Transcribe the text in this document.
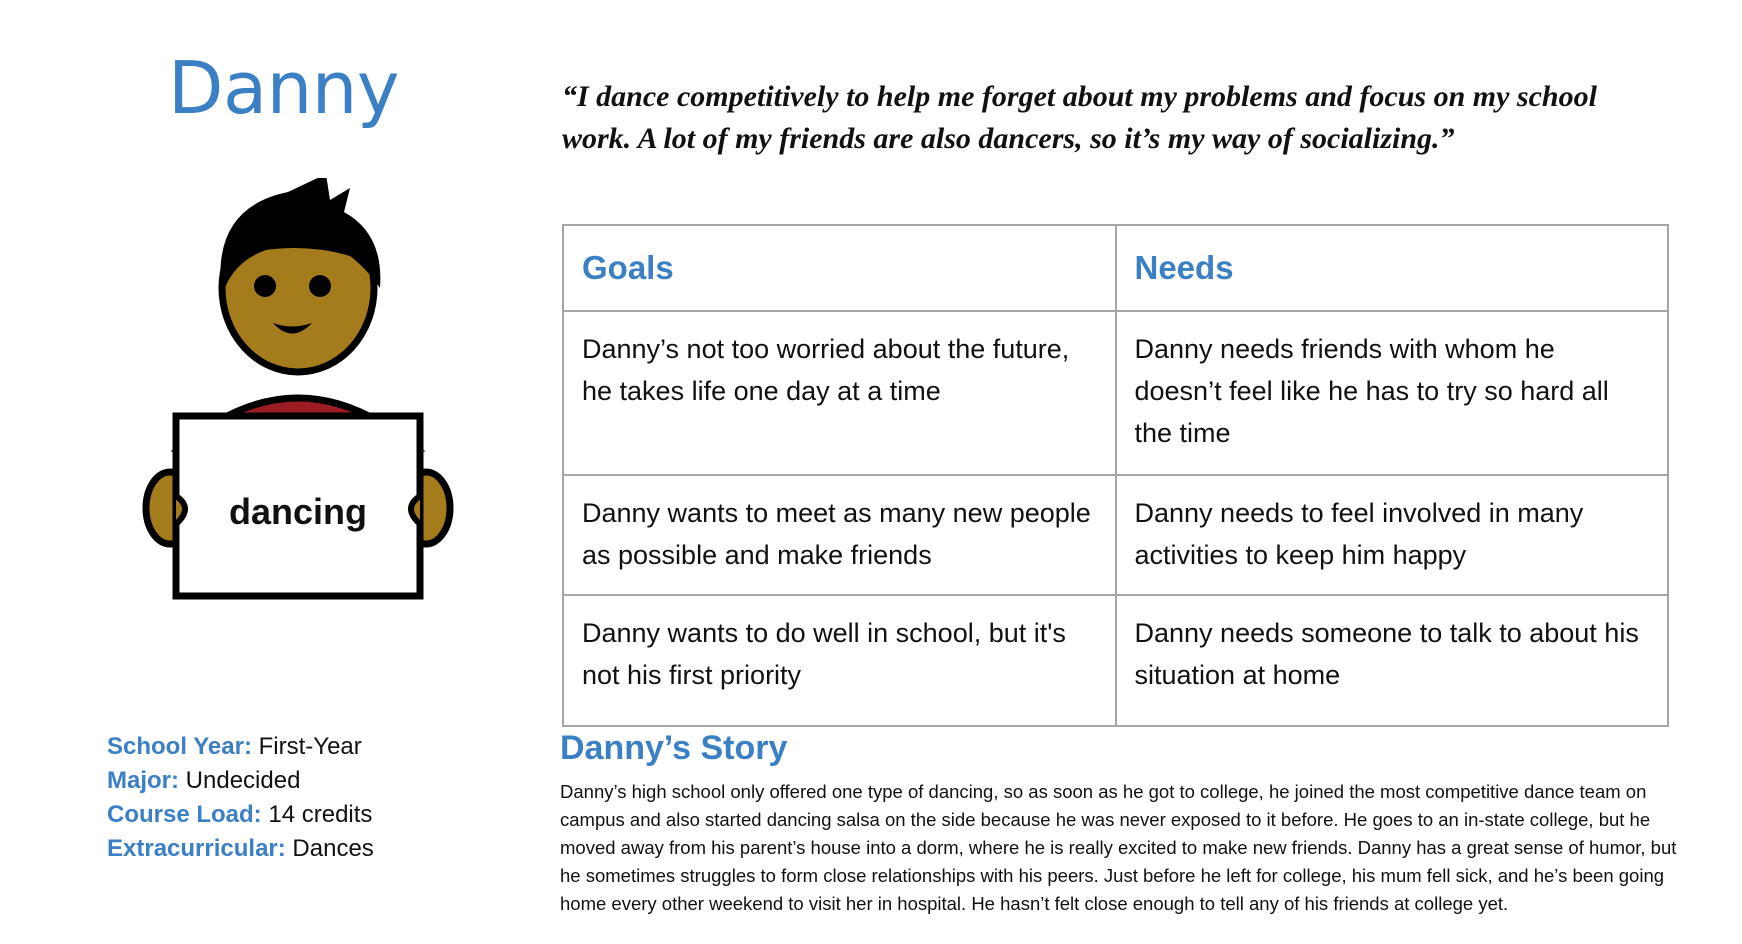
Danny
dancing
School Year: First-Year
Major: Undecided
Course Load: 14 credits
Extracurricular: Dances
“I dance competitively to help me forget about my problems and focus on my school work. A lot of my friends are also dancers, so it’s my way of socializing.”
Goals	Needs
Danny’s not too worried about the future, he takes life one day at a time	Danny needs friends with whom he doesn’t feel like he has to try so hard all the time
Danny wants to meet as many new people as possible and make friends	Danny needs to feel involved in many activities to keep him happy
Danny wants to do well in school, but it's not his first priority	Danny needs someone to talk to about his situation at home
Danny’s Story
Danny’s high school only offered one type of dancing, so as soon as he got to college, he joined the most competitive dance team on campus and also started dancing salsa on the side because he was never exposed to it before. He goes to an in-state college, but he moved away from his parent’s house into a dorm, where he is really excited to make new friends. Danny has a great sense of humor, but he sometimes struggles to form close relationships with his peers. Just before he left for college, his mum fell sick, and he’s been going home every other weekend to visit her in hospital. He hasn’t felt close enough to tell any of his friends at college yet.
